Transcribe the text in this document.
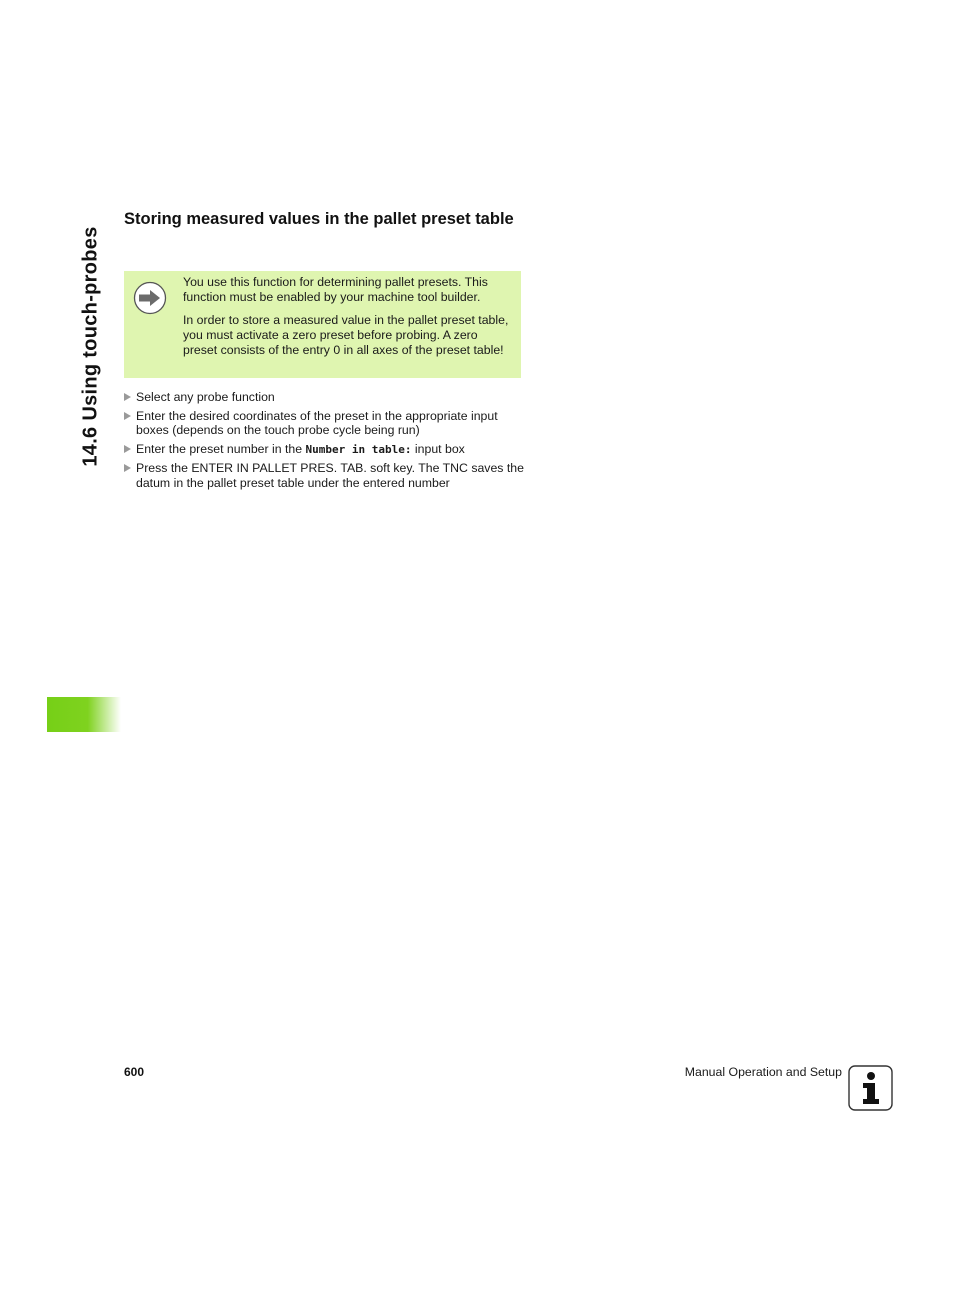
14.6 Using touch-probes
Storing measured values in the pallet preset table

You use this function for determining pallet presets. This function must be enabled by your machine tool builder.

In order to store a measured value in the pallet preset table, you must activate a zero preset before probing. A zero preset consists of the entry 0 in all axes of the preset table!

Select any probe function
Enter the desired coordinates of the preset in the appropriate input boxes (depends on the touch probe cycle being run)
Enter the preset number in the Number in table: input box
Press the ENTER IN PALLET PRES. TAB. soft key. The TNC saves the datum in the pallet preset table under the entered number
600	Manual Operation and Setup
